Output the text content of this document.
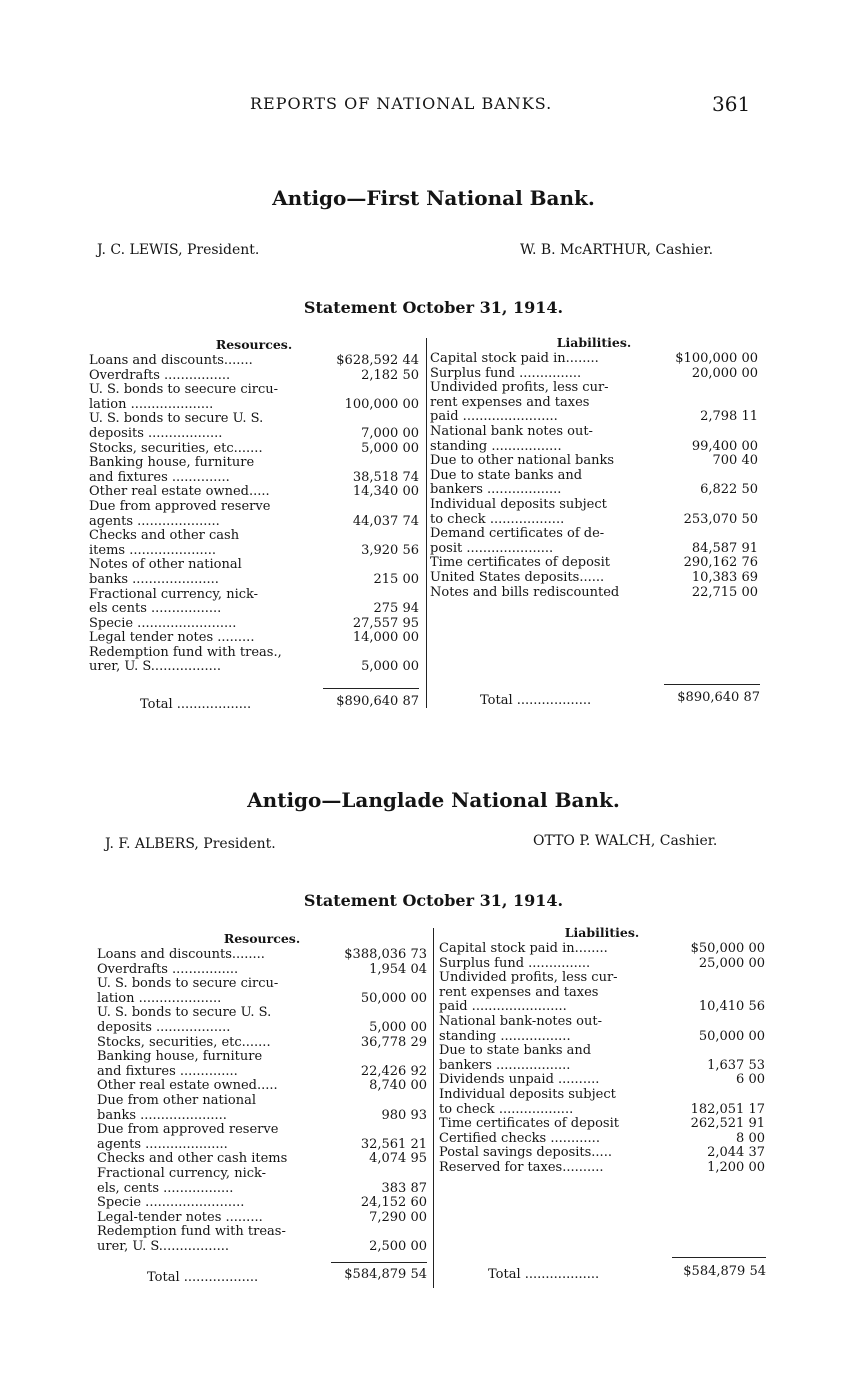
REPORTS OF NATIONAL BANKS.	361
Antigo—First National Bank.
J. C. LEWIS, President.	W. B. McARTHUR, Cashier.
Statement October 31, 1914.
Resources.
Loans and discounts.......	$628,592 44
Overdrafts ................	2,182 50
U. S. bonds to seecure circu-
lation ....................	100,000 00
U. S. bonds to secure U. S.
deposits ..................	7,000 00
Stocks, securities, etc.......	5,000 00
Banking house, furniture
and fixtures ..............	38,518 74
Other real estate owned.....	14,340 00
Due from approved reserve
agents ....................	44,037 74
Checks and other cash
items .....................	3,920 56
Notes of other national
banks .....................	215 00
Fractional currency, nick-
els cents .................	275 94
Specie ........................	27,557 95
Legal tender notes .........	14,000 00
Redemption fund with treas.,
urer, U. S.................	5,000 00
Liabilities.
Capital stock paid in........	$100,000 00
Surplus fund ...............	20,000 00
Undivided profits, less cur-
rent expenses and taxes
paid .......................	2,798 11
National bank notes out-
standing .................	99,400 00
Due to other national banks	700 40
Due to state banks and
bankers ..................	6,822 50
Individual deposits subject
to check ..................	253,070 50
Demand certificates of de-
posit .....................	84,587 91
Time certificates of deposit	290,162 76
United States deposits......	10,383 69
Notes and bills rediscounted	22,715 00
Total ..................	$890,640 87	Total ..................	$890,640 87
Antigo—Langlade National Bank.
J. F. ALBERS, President.	OTTO P. WALCH, Cashier.
Statement October 31, 1914.
Resources.
Loans and discounts........	$388,036 73
Overdrafts ................	1,954 04
U. S. bonds to secure circu-
lation ....................	50,000 00
U. S. bonds to secure U. S.
deposits ..................	5,000 00
Stocks, securities, etc.......	36,778 29
Banking house, furniture
and fixtures ..............	22,426 92
Other real estate owned.....	8,740 00
Due from other national
banks .....................	980 93
Due from approved reserve
agents ....................	32,561 21
Checks and other cash items	4,074 95
Fractional currency, nick-
els, cents .................	383 87
Specie ........................	24,152 60
Legal-tender notes .........	7,290 00
Redemption fund with treas-
urer, U. S.................	2,500 00
Liabilities.
Capital stock paid in........	$50,000 00
Surplus fund ...............	25,000 00
Undivided profits, less cur-
rent expenses and taxes
paid .......................	10,410 56
National bank-notes out-
standing .................	50,000 00
Due to state banks and
bankers ..................	1,637 53
Dividends unpaid ..........	6 00
Individual deposits subject
to check ..................	182,051 17
Time certificates of deposit	262,521 91
Certified checks ............	8 00
Postal savings deposits.....	2,044 37
Reserved for taxes..........	1,200 00
Total ..................	$584,879 54	Total ..................	$584,879 54
